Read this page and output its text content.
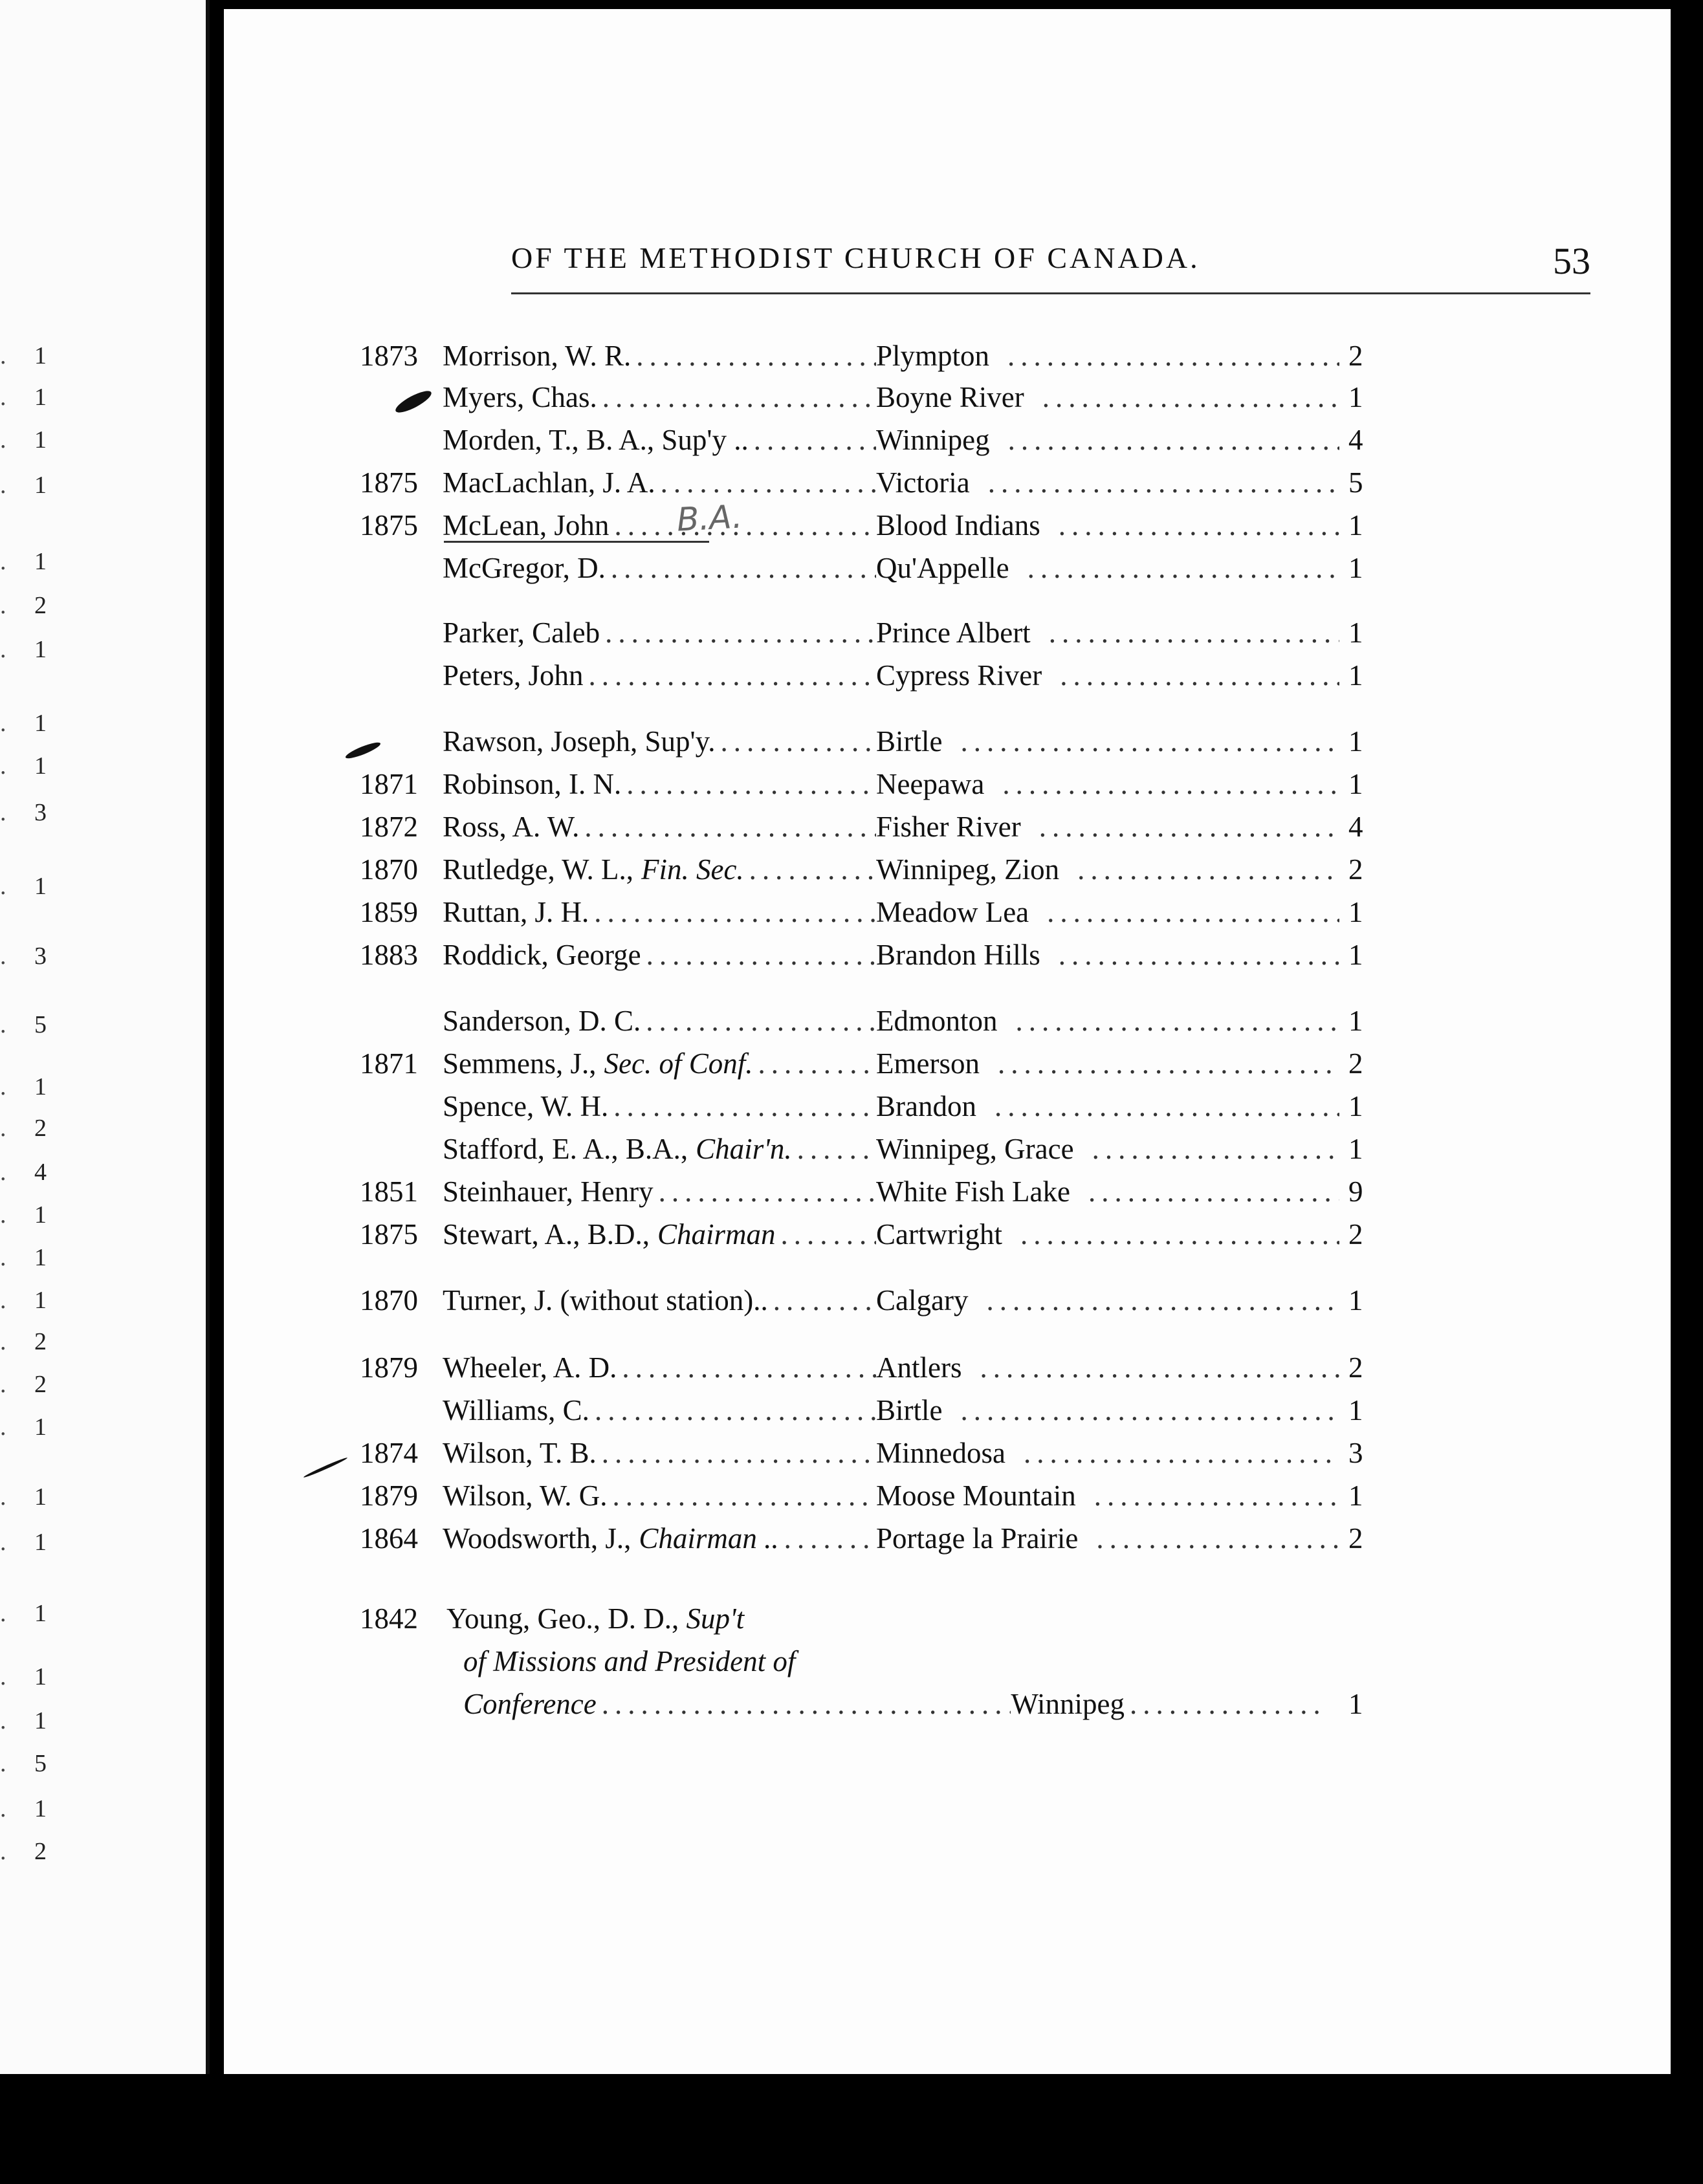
. 1
. 1
. 1
. 1
. 1
. 2
. 1
. 1
. 1
. 3
. 1
. 3
. 5
. 1
. 2
. 4
. 1
. 1
. 1
. 2
. 2
. 1
. 1
. 1
. 1
. 1
. 1
. 5
. 1
. 2
OF THE METHODIST CHURCH OF CANADA.	53
1873 Morrison, W. R. .....	Plympton .....	2
Myers, Chas. .....	Boyne River .....	1
Morden, T., B. A., Sup'y .. .....	Winnipeg .....	4
1875 MacLachlan, J. A. .....	Victoria .....	5
1875 McLean, John .....	Blood Indians .....	1
McGregor, D. .....	Qu'Appelle .....	1
Parker, Caleb .....	Prince Albert .....	1
Peters, John .....	Cypress River .....	1
Rawson, Joseph, Sup'y. .....	Birtle .....	1
1871 Robinson, I. N. .....	Neepawa .....	1
1872 Ross, A. W. .....	Fisher River .....	4
1870 Rutledge, W. L., Fin. Sec. .....	Winnipeg, Zion .....	2
1859 Ruttan, J. H. .....	Meadow Lea .....	1
1883 Roddick, George .....	Brandon Hills .....	1
Sanderson, D. C. .....	Edmonton .....	1
1871 Semmens, J., Sec. of Conf. .....	Emerson .....	2
Spence, W. H. .....	Brandon .....	1
Stafford, E. A., B.A., Chair'n. .....	Winnipeg, Grace .....	1
1851 Steinhauer, Henry .....	White Fish Lake .....	9
1875 Stewart, A., B.D., Chairman .....	Cartwright .....	2
1870 Turner, J. (without station).. .....	Calgary .....	1
1879 Wheeler, A. D. .....	Antlers .....	2
Williams, C. .....	Birtle .....	1
1874 Wilson, T. B. .....	Minnedosa .....	3
1879 Wilson, W. G. .....	Moose Mountain .....	1
1864 Woodsworth, J., Chairman .. .....	Portage la Prairie .....	2
1842 Young, Geo., D. D., Sup't
of Missions and President of
Conference .....	Winnipeg .....	1
B.A.
